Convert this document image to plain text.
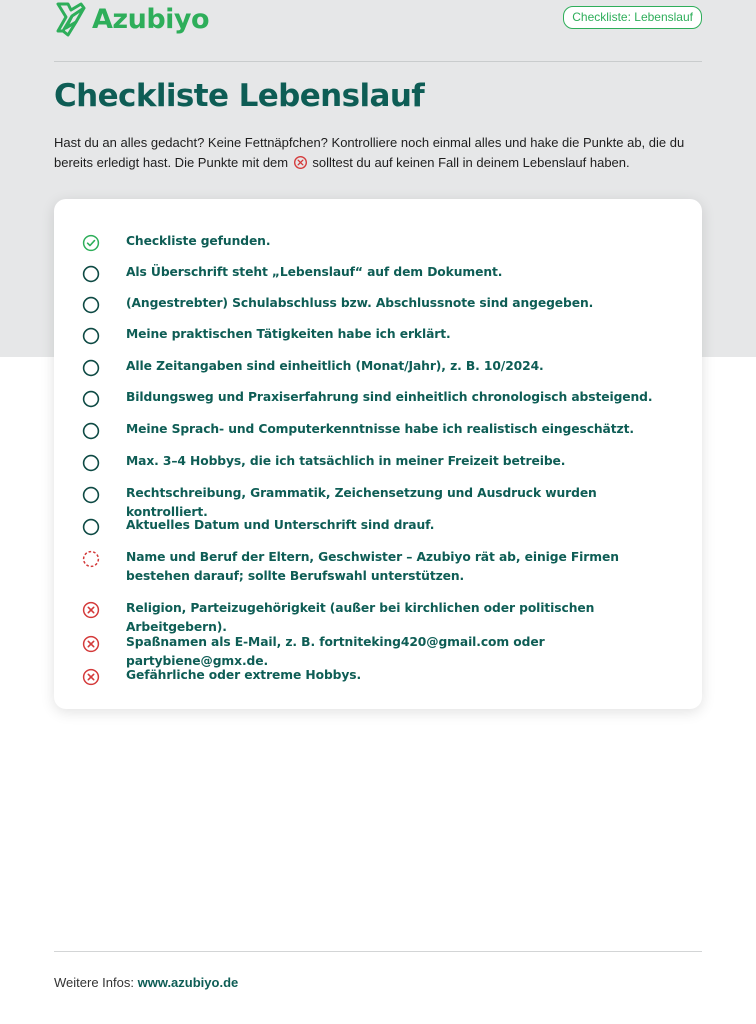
Azubiyo	Checkliste: Lebenslauf
Checkliste Lebenslauf

Hast du an alles gedacht? Keine Fettnäpfchen? Kontrolliere noch einmal alles und hake die Punkte ab, die du bereits erledigt hast. Die Punkte mit dem solltest du auf keinen Fall in deinem Lebenslauf haben.

Checkliste gefunden.
Als Überschrift steht „Lebenslauf“ auf dem Dokument.
(Angestrebter) Schulabschluss bzw. Abschlussnote sind angegeben.
Meine praktischen Tätigkeiten habe ich erklärt.
Alle Zeitangaben sind einheitlich (Monat/Jahr), z. B. 10/2024.
Bildungsweg und Praxiserfahrung sind einheitlich chronologisch absteigend.
Meine Sprach- und Computerkenntnisse habe ich realistisch eingeschätzt.
Max. 3–4 Hobbys, die ich tatsächlich in meiner Freizeit betreibe.
Rechtschreibung, Grammatik, Zeichensetzung und Ausdruck wurden kontrolliert.
Aktuelles Datum und Unterschrift sind drauf.
Name und Beruf der Eltern, Geschwister – Azubiyo rät ab, einige Firmen bestehen darauf; sollte Berufswahl unterstützen.
Religion, Parteizugehörigkeit (außer bei kirchlichen oder politischen Arbeitgebern).
Spaßnamen als E-Mail, z. B. fortniteking420@gmail.com oder partybiene@gmx.de.
Gefährliche oder extreme Hobbys.
Weitere Infos: www.azubiyo.de
